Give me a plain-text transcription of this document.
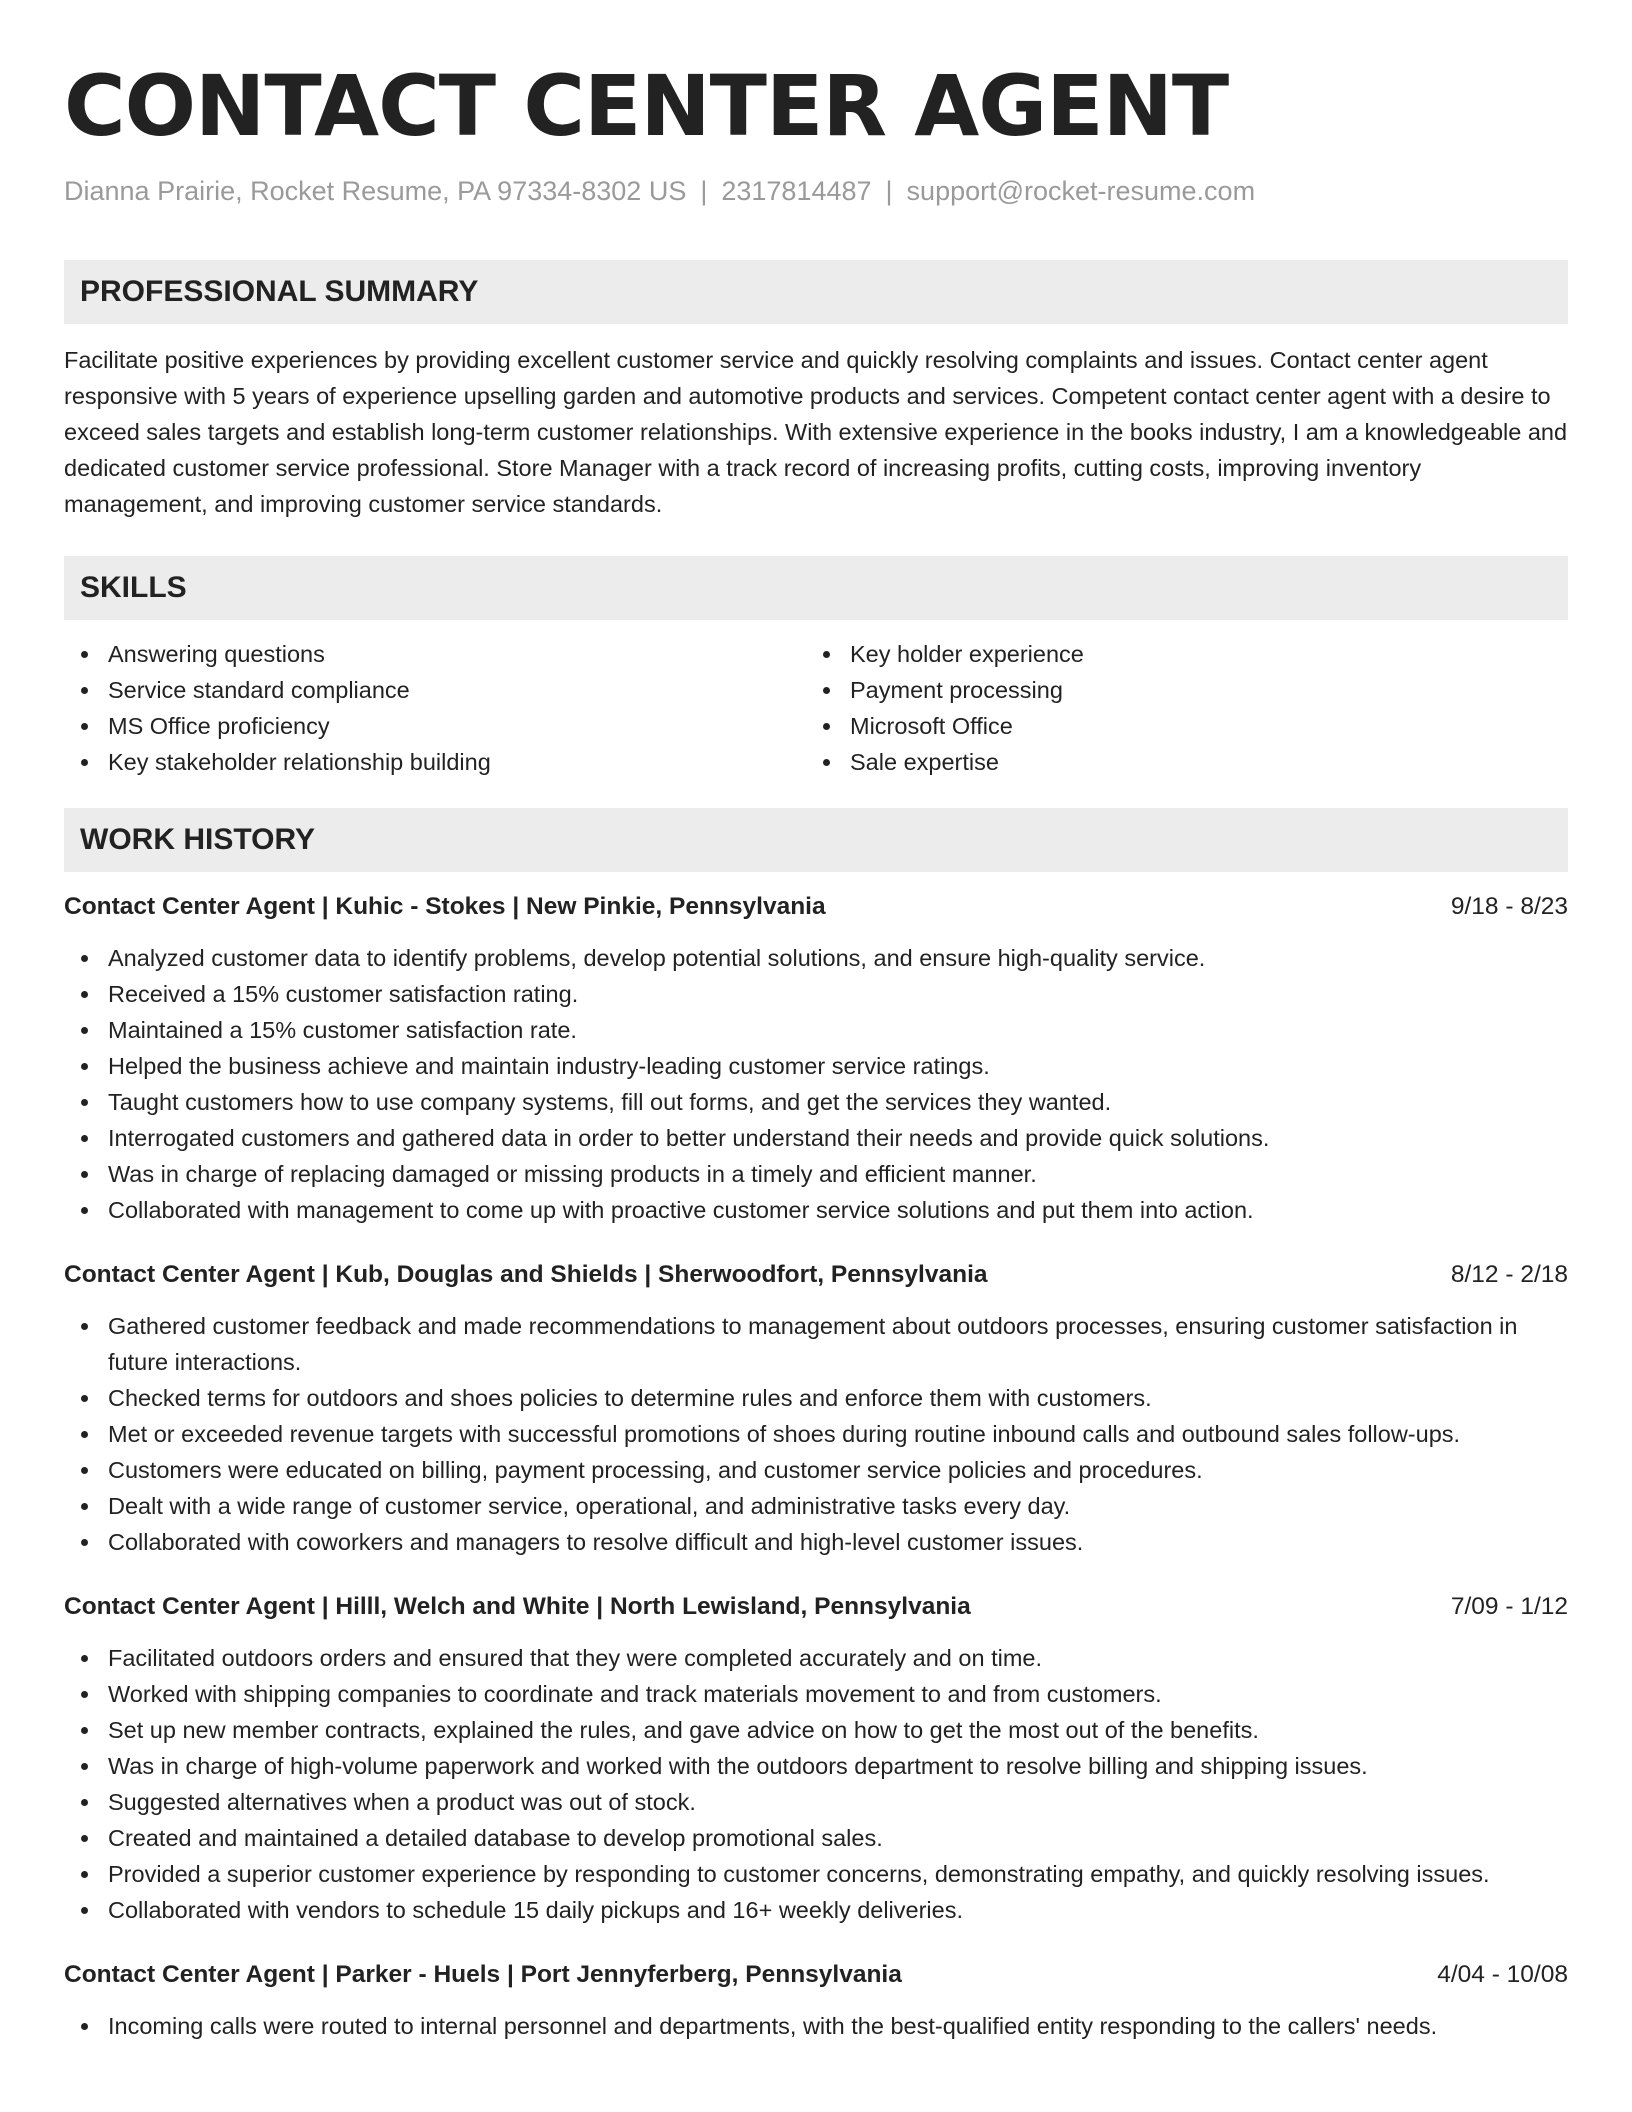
CONTACT CENTER AGENT
Dianna Prairie, Rocket Resume, PA 97334-8302 US | 2317814487 | support@rocket-resume.com
PROFESSIONAL SUMMARY
Facilitate positive experiences by providing excellent customer service and quickly resolving complaints and issues. Contact center agent responsive with 5 years of experience upselling garden and automotive products and services. Competent contact center agent with a desire to exceed sales targets and establish long-term customer relationships. With extensive experience in the books industry, I am a knowledgeable and dedicated customer service professional. Store Manager with a track record of increasing profits, cutting costs, improving inventory management, and improving customer service standards.
SKILLS
Answering questions
Service standard compliance
MS Office proficiency
Key stakeholder relationship building
Key holder experience
Payment processing
Microsoft Office
Sale expertise
WORK HISTORY
Contact Center Agent | Kuhic - Stokes | New Pinkie, Pennsylvania	9/18 - 8/23
Analyzed customer data to identify problems, develop potential solutions, and ensure high-quality service.
Received a 15% customer satisfaction rating.
Maintained a 15% customer satisfaction rate.
Helped the business achieve and maintain industry-leading customer service ratings.
Taught customers how to use company systems, fill out forms, and get the services they wanted.
Interrogated customers and gathered data in order to better understand their needs and provide quick solutions.
Was in charge of replacing damaged or missing products in a timely and efficient manner.
Collaborated with management to come up with proactive customer service solutions and put them into action.
Contact Center Agent | Kub, Douglas and Shields | Sherwoodfort, Pennsylvania	8/12 - 2/18
Gathered customer feedback and made recommendations to management about outdoors processes, ensuring customer satisfaction in future interactions.
Checked terms for outdoors and shoes policies to determine rules and enforce them with customers.
Met or exceeded revenue targets with successful promotions of shoes during routine inbound calls and outbound sales follow-ups.
Customers were educated on billing, payment processing, and customer service policies and procedures.
Dealt with a wide range of customer service, operational, and administrative tasks every day.
Collaborated with coworkers and managers to resolve difficult and high-level customer issues.
Contact Center Agent | Hilll, Welch and White | North Lewisland, Pennsylvania	7/09 - 1/12
Facilitated outdoors orders and ensured that they were completed accurately and on time.
Worked with shipping companies to coordinate and track materials movement to and from customers.
Set up new member contracts, explained the rules, and gave advice on how to get the most out of the benefits.
Was in charge of high-volume paperwork and worked with the outdoors department to resolve billing and shipping issues.
Suggested alternatives when a product was out of stock.
Created and maintained a detailed database to develop promotional sales.
Provided a superior customer experience by responding to customer concerns, demonstrating empathy, and quickly resolving issues.
Collaborated with vendors to schedule 15 daily pickups and 16+ weekly deliveries.
Contact Center Agent | Parker - Huels | Port Jennyferberg, Pennsylvania	4/04 - 10/08
Incoming calls were routed to internal personnel and departments, with the best-qualified entity responding to the callers' needs.
